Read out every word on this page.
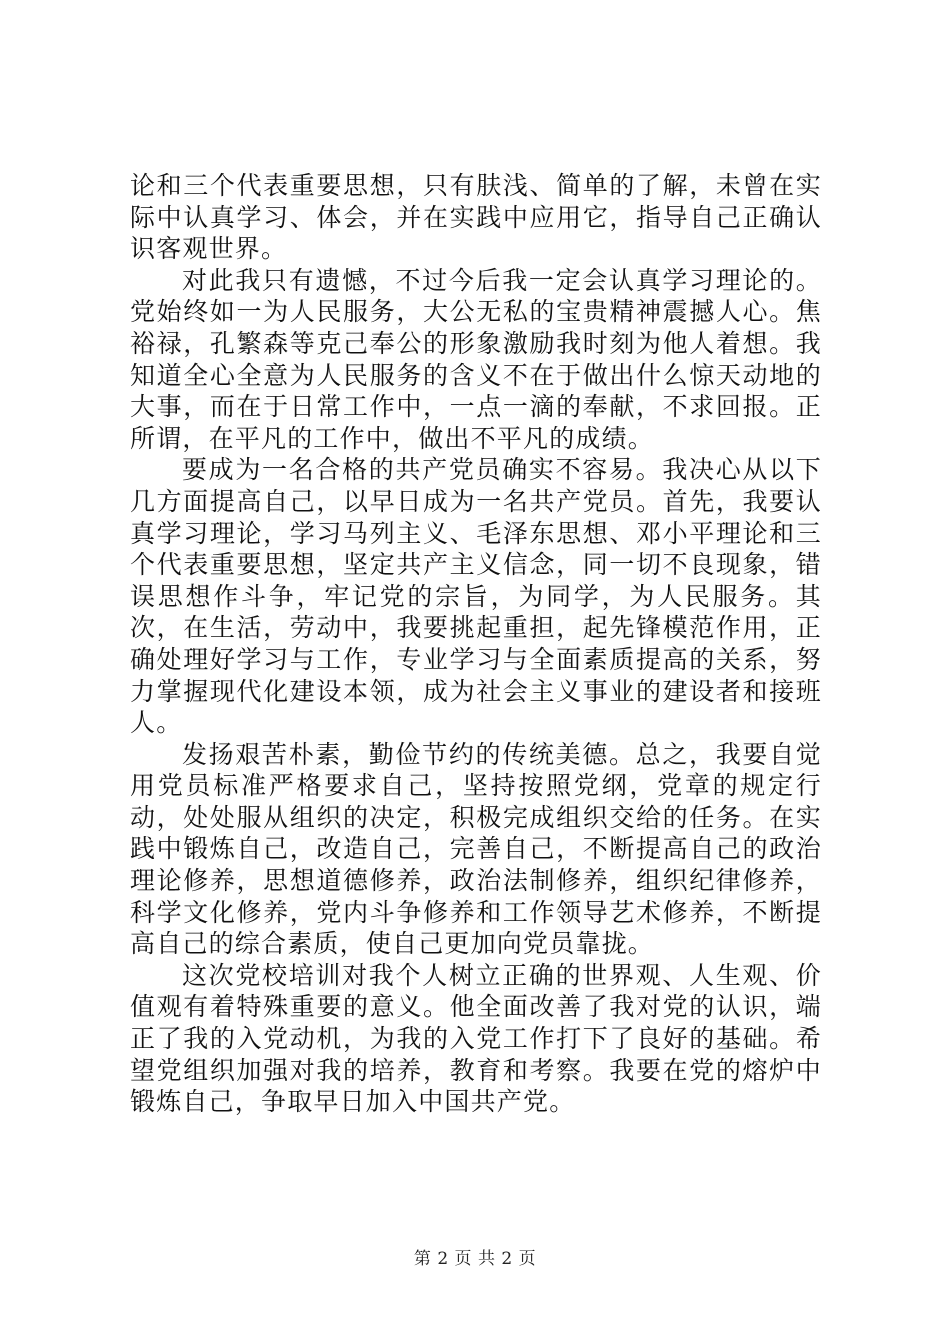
论和三个代表重要思想，只有肤浅、简单的了解，未曾在实际中认真学习、体会，并在实践中应用它，指导自己正确认识客观世界。

对此我只有遗憾，不过今后我一定会认真学习理论的。党始终如一为人民服务，大公无私的宝贵精神震撼人心。焦裕禄，孔繁森等克己奉公的形象激励我时刻为他人着想。我知道全心全意为人民服务的含义不在于做出什么惊天动地的大事，而在于日常工作中，一点一滴的奉献，不求回报。正所谓，在平凡的工作中，做出不平凡的成绩。

要成为一名合格的共产党员确实不容易。我决心从以下几方面提高自己，以早日成为一名共产党员。首先，我要认真学习理论，学习马列主义、毛泽东思想、邓小平理论和三个代表重要思想，坚定共产主义信念，同一切不良现象，错误思想作斗争，牢记党的宗旨，为同学，为人民服务。其次，在生活，劳动中，我要挑起重担，起先锋模范作用，正确处理好学习与工作，专业学习与全面素质提高的关系，努力掌握现代化建设本领，成为社会主义事业的建设者和接班人。

发扬艰苦朴素，勤俭节约的传统美德。总之，我要自觉用党员标准严格要求自己，坚持按照党纲，党章的规定行动，处处服从组织的决定，积极完成组织交给的任务。在实践中锻炼自己，改造自己，完善自己，不断提高自己的政治理论修养，思想道德修养，政治法制修养，组织纪律修养，科学文化修养，党内斗争修养和工作领导艺术修养，不断提高自己的综合素质，使自己更加向党员靠拢。

这次党校培训对我个人树立正确的世界观、人生观、价值观有着特殊重要的意义。他全面改善了我对党的认识，端正了我的入党动机，为我的入党工作打下了良好的基础。希望党组织加强对我的培养，教育和考察。我要在党的熔炉中锻炼自己，争取早日加入中国共产党。

第 2 页 共 2 页
